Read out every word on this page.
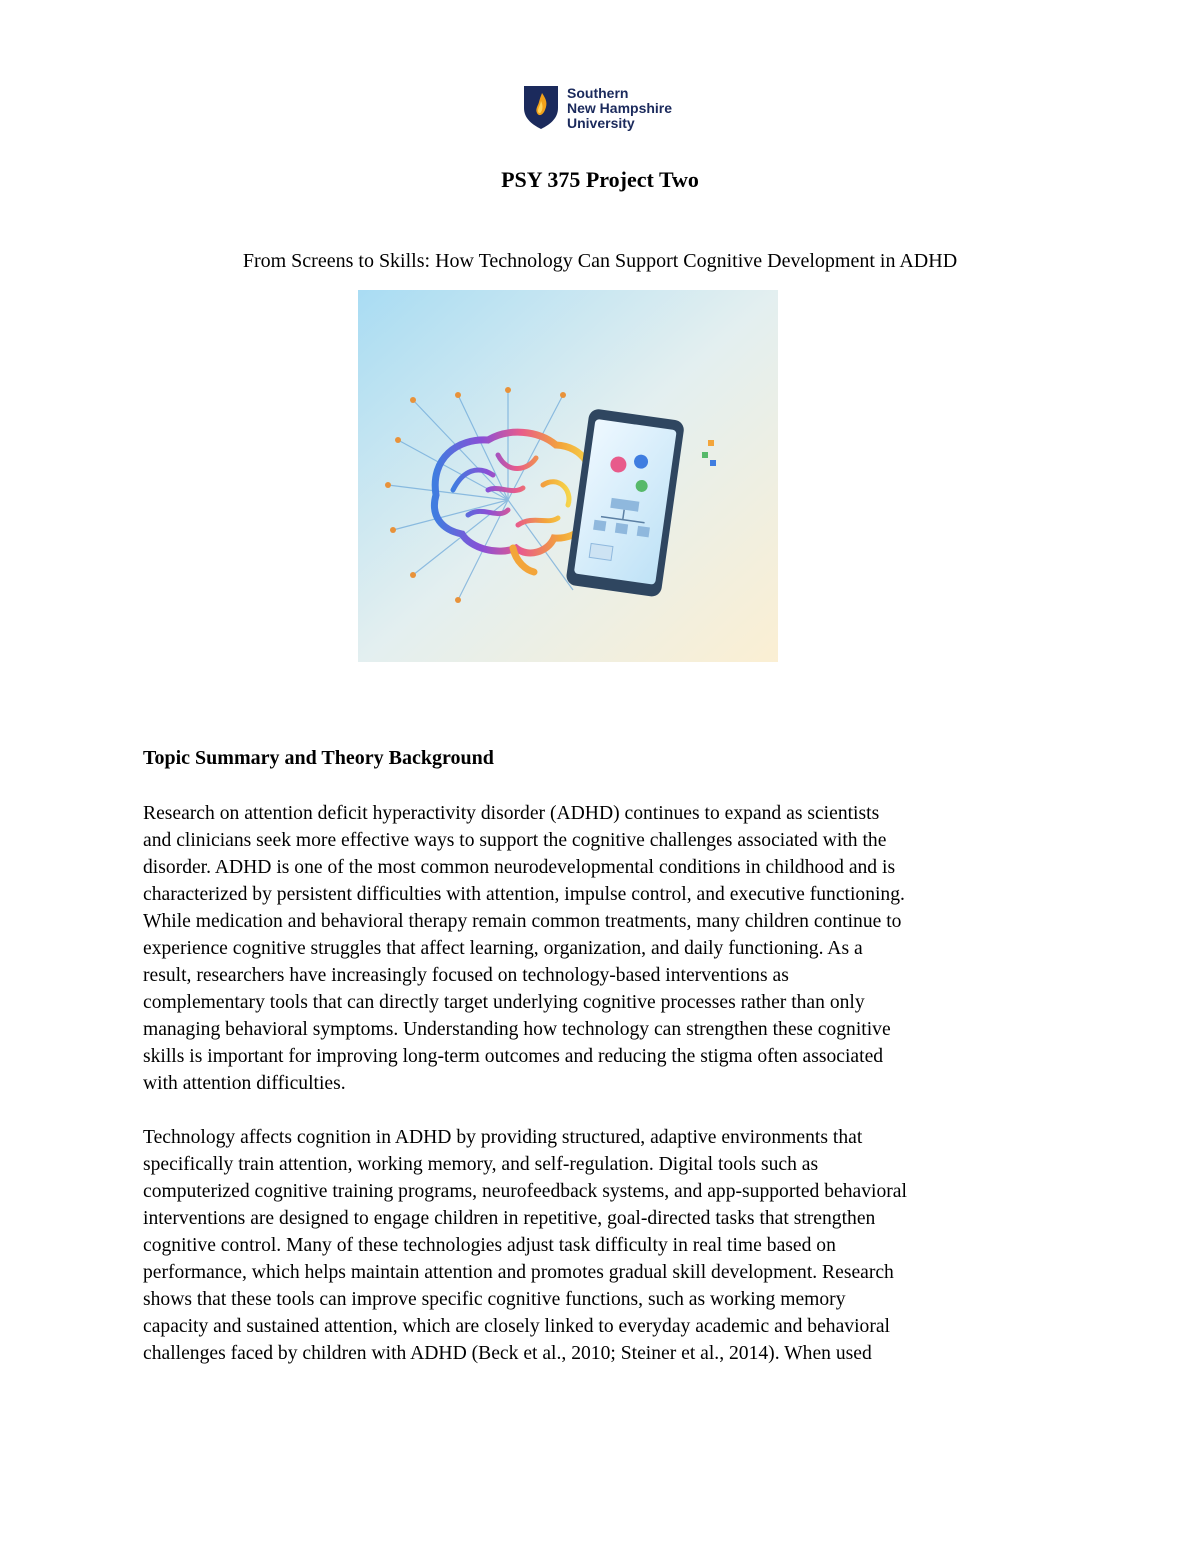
Southern
New Hampshire
University
PSY 375 Project Two
From Screens to Skills: How Technology Can Support Cognitive Development in ADHD
Topic Summary and Theory Background
Research on attention deficit hyperactivity disorder (ADHD) continues to expand as scientists
and clinicians seek more effective ways to support the cognitive challenges associated with the
disorder. ADHD is one of the most common neurodevelopmental conditions in childhood and is
characterized by persistent difficulties with attention, impulse control, and executive functioning.
While medication and behavioral therapy remain common treatments, many children continue to
experience cognitive struggles that affect learning, organization, and daily functioning. As a
result, researchers have increasingly focused on technology-based interventions as
complementary tools that can directly target underlying cognitive processes rather than only
managing behavioral symptoms. Understanding how technology can strengthen these cognitive
skills is important for improving long-term outcomes and reducing the stigma often associated
with attention difficulties.
Technology affects cognition in ADHD by providing structured, adaptive environments that
specifically train attention, working memory, and self-regulation. Digital tools such as
computerized cognitive training programs, neurofeedback systems, and app-supported behavioral
interventions are designed to engage children in repetitive, goal-directed tasks that strengthen
cognitive control. Many of these technologies adjust task difficulty in real time based on
performance, which helps maintain attention and promotes gradual skill development. Research
shows that these tools can improve specific cognitive functions, such as working memory
capacity and sustained attention, which are closely linked to everyday academic and behavioral
challenges faced by children with ADHD (Beck et al., 2010; Steiner et al., 2014). When used
